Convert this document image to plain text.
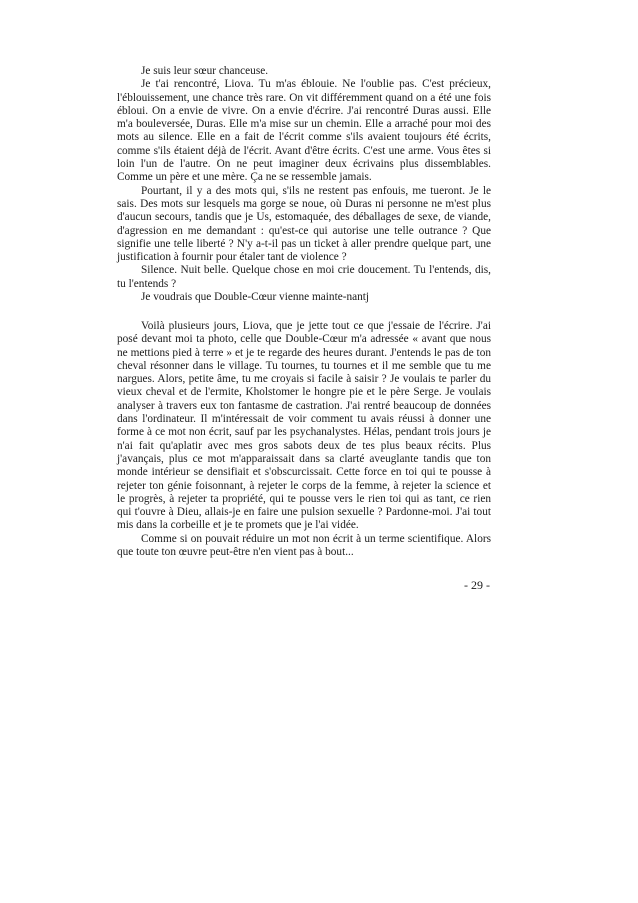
Je suis leur sœur chanceuse.

Je t'ai rencontré, Liova. Tu m'as éblouie. Ne l'oublie pas. C'est précieux, l'éblouissement, une chance très rare. On vit différemment quand on a été une fois ébloui. On a envie de vivre. On a envie d'écrire. J'ai rencontré Duras aussi. Elle m'a bouleversée, Duras. Elle m'a mise sur un chemin. Elle a arraché pour moi des mots au silence. Elle en a fait de l'écrit comme s'ils avaient toujours été écrits, comme s'ils étaient déjà de l'écrit. Avant d'être écrits. C'est une arme. Vous êtes si loin l'un de l'autre. On ne peut imaginer deux écrivains plus dissemblables. Comme un père et une mère. Ça ne se ressemble jamais.

Pourtant, il y a des mots qui, s'ils ne restent pas enfouis, me tueront. Je le sais. Des mots sur lesquels ma gorge se noue, où Duras ni personne ne m'est plus d'aucun secours, tandis que je Us, estomaquée, des déballages de sexe, de viande, d'agression en me demandant : qu'est-ce qui autorise une telle outrance ? Que signifie une telle liberté ? N'y a-t-il pas un ticket à aller prendre quelque part, une justification à fournir pour étaler tant de violence ?

Silence. Nuit belle. Quelque chose en moi crie doucement. Tu l'entends, dis, tu l'entends ?

Je voudrais que Double-Cœur vienne mainte-nantj

Voilà plusieurs jours, Liova, que je jette tout ce que j'essaie de l'écrire. J'ai posé devant moi ta photo, celle que Double-Cœur m'a adressée « avant que nous ne mettions pied à terre » et je te regarde des heures durant. J'entends le pas de ton cheval résonner dans le village. Tu tournes, tu tournes et il me semble que tu me nargues. Alors, petite âme, tu me croyais si facile à saisir ? Je voulais te parler du vieux cheval et de l'ermite, Kholstomer le hongre pie et le père Serge. Je voulais analyser à travers eux ton fantasme de castration. J'ai rentré beaucoup de données dans l'ordinateur. Il m'intéressait de voir comment tu avais réussi à donner une forme à ce mot non écrit, sauf par les psychanalystes. Hélas, pendant trois jours je n'ai fait qu'aplatir avec mes gros sabots deux de tes plus beaux récits. Plus j'avançais, plus ce mot m'apparaissait dans sa clarté aveuglante tandis que ton monde intérieur se densifiait et s'obscurcissait. Cette force en toi qui te pousse à rejeter ton génie foisonnant, à rejeter le corps de la femme, à rejeter la science et le progrès, à rejeter ta propriété, qui te pousse vers le rien toi qui as tant, ce rien qui t'ouvre à Dieu, allais-je en faire une pulsion sexuelle ? Pardonne-moi. J'ai tout mis dans la corbeille et je te promets que je l'ai vidée.

Comme si on pouvait réduire un mot non écrit à un terme scientifique. Alors que toute ton œuvre peut-être n'en vient pas à bout...

- 29 -
